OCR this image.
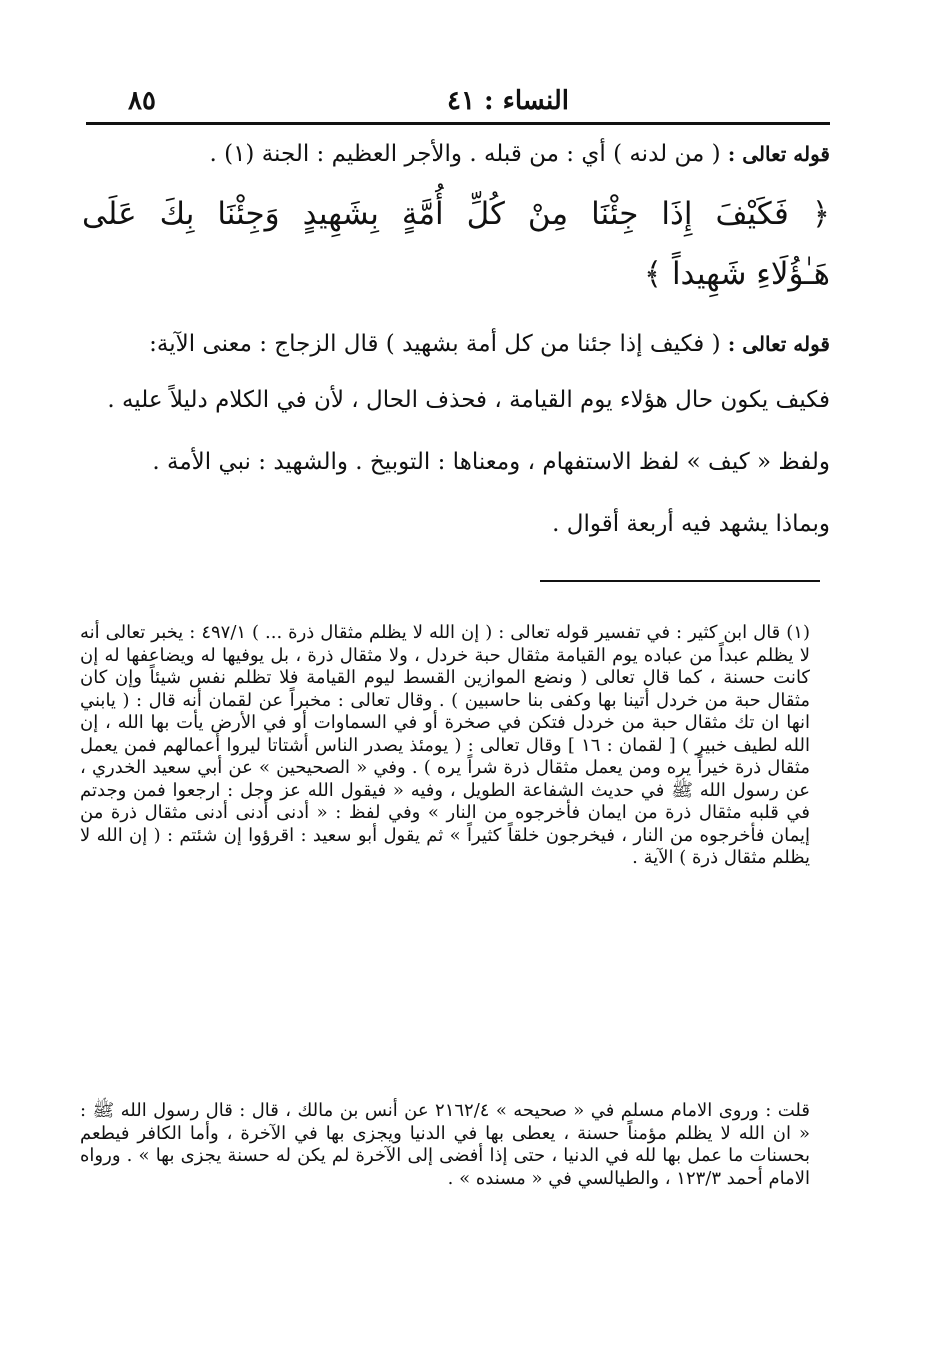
٨٥	النساء : ٤١
قوله تعالى : ( من لدنه ) أي : من قبله . والأجر العظيم : الجنة (١) .
﴿ فَكَيْفَ إِذَا جِئْنَا مِنْ كُلِّ أُمَّةٍ بِشَهِيدٍ وَجِئْنَا بِكَ عَلَى
هَـٰؤُلَاءِ شَهِيداً ﴾
قوله تعالى : ( فكيف إذا جئنا من كل أمة بشهيد ) قال الزجاج : معنى الآية:
فكيف يكون حال هؤلاء يوم القيامة ، فحذف الحال ، لأن في الكلام دليلاً عليه .
ولفظ « كيف » لفظ الاستفهام ، ومعناها : التوبيخ . والشهيد : نبي الأمة .
وبماذا يشهد فيه أربعة أقوال .
(١) قال ابن كثير : في تفسير قوله تعالى : ( إن الله لا يظلم مثقال ذرة ... ) ٤٩٧/١ : يخبر تعالى أنه لا يظلم عبداً من عباده يوم القيامة مثقال حبة خردل ، ولا مثقال ذرة ، بل يوفيها له ويضاعفها له إن كانت حسنة ، كما قال تعالى ( ونضع الموازين القسط ليوم القيامة فلا تظلم نفس شيئاً وإن كان مثقال حبة من خردل أتينا بها وكفى بنا حاسبين ) . وقال تعالى : مخبراً عن لقمان أنه قال : ( يابني انها ان تك مثقال حبة من خردل فتكن في صخرة أو في السماوات أو في الأرض يأت بها الله ، إن الله لطيف خبير ) [ لقمان : ١٦ ] وقال تعالى : ( يومئذ يصدر الناس أشتاتا ليروا أعمالهم فمن يعمل مثقال ذرة خيراً يره ومن يعمل مثقال ذرة شراً يره ) . وفي « الصحيحين » عن أبي سعيد الخدري ، عن رسول الله ﷺ في حديث الشفاعة الطويل ، وفيه « فيقول الله عز وجل : ارجعوا فمن وجدتم في قلبه مثقال ذرة من ايمان فأخرجوه من النار » وفي لفظ : « أدنى أدنى أدنى مثقال ذرة من إيمان فأخرجوه من النار ، فيخرجون خلقاً كثيراً » ثم يقول أبو سعيد : اقرؤوا إن شئتم : ( إن الله لا يظلم مثقال ذرة ) الآية .
قلت : وروى الامام مسلم في « صحيحه » ٢١٦٢/٤ عن أنس بن مالك ، قال : قال رسول الله ﷺ : « ان الله لا يظلم مؤمناً حسنة ، يعطى بها في الدنيا ويجزى بها في الآخرة ، وأما الكافر فيطعم بحسنات ما عمل بها لله في الدنيا ، حتى إذا أفضى إلى الآخرة لم يكن له حسنة يجزى بها » . ورواه الامام أحمد ١٢٣/٣ ، والطيالسي في « مسنده » .
